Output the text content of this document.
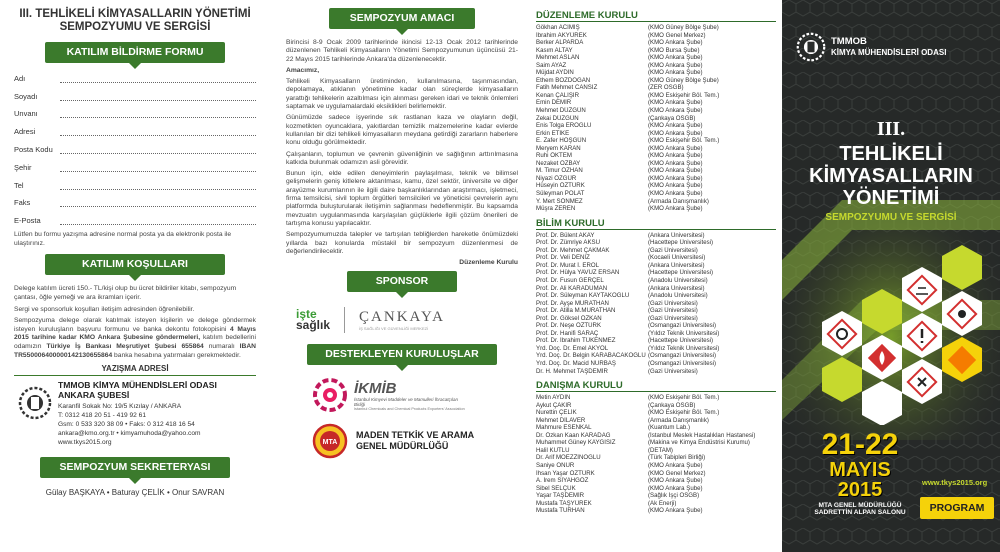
III. TEHLİKELİ KİMYASALLARIN YÖNETİMİ
SEMPOZYUMU VE SERGİSİ
KATILIM BİLDİRME FORMU
Adı
Soyadı
Unvanı
Adresi
Posta Kodu
Şehir
Tel
Faks
E-Posta
Lütfen bu formu yazışma adresine normal posta ya da elektronik posta ile ulaştırınız.
KATILIM KOŞULLARI
Delege katılım ücreti 150.- TL/kişi olup bu ücret bildiriler kitabı, sempozyum çantası, öğle yemeği ve ara ikramları içerir.
Sergi ve sponsorluk koşulları iletişim adresinden öğrenilebilir.
Sempozyuma delege olarak katılmak isteyen kişilerin ve delege göndermek isteyen kuruluşların başvuru formunu ve banka dekontu fotokopisini 4 Mayıs 2015 tarihine kadar KMO Ankara Şubesine göndermeleri, katılım bedellerini odamızın Türkiye İş Bankası Meşrutiyet Şubesi 655864 numaralı IBAN TR550006400000142130655864 banka hesabına yatırmaları gerekmektedir.
YAZIŞMA ADRESİ
TMMOB KİMYA MÜHENDİSLERİ ODASI
ANKARA ŞUBESİ
Karanfil Sokak No: 19/5 Kızılay / ANKARA
T: 0312 418 20 51 - 419 92 61
Gsm: 0 533 320 38 09 • Faks: 0 312 418 16 54
ankara@kmo.org.tr • kimyamuhoda@yahoo.com
www.tkys2015.org
SEMPOZYUM SEKRETERYASI
Gülay BAŞKAYA • Baturay ÇELİK • Onur SAVRAN
SEMPOZYUM AMACI

Birincisi 8-9 Ocak 2009 tarihlerinde ikincisi 12-13 Ocak 2012 tarihlerinde düzenlenen Tehlikeli Kimyasalların Yönetimi Sempozyumunun üçüncüsü 21-22 Mayıs 2015 tarihlerinde Ankara'da düzenlenecektir.

Amacımız,

Tehlikeli Kimyasalların üretiminden, kullanılmasına, taşınmasından, depolamaya, atıklanın yönetimine kadar olan süreçlerde kimyasalların yarattığı tehlikelerin azaltılması için alınması gereken idari ve teknik önlemleri saptamak ve uygulamalardaki eksiklikleri belirlemektir.

Günümüzde sadece işyerinde sık rastlanan kaza ve olayların değil, kozmetikten oyuncaklara, yakıtlardan temizlik malzemelerine kadar evlerde kullanılan bir dizi tehlikeli kimyasalların meydana getirdiği zararların haberlere konu olduğu görülmektedir.

Çalışanların, toplumun ve çevrenin güvenliğinin ve sağlığının arttırılmasına katkıda bulunmak odamızın asli görevidir.

Bunun için, elde edilen deneyimlerin paylaşılması, teknik ve bilimsel gelişmelerin geniş kitlelere aktarılması, kamu, özel sektör, üniversite ve diğer arayüzme kurumlarının ile ilgili daire başkanlıklarından araştırmacı, işletmeci, firma temsilcisi, sivil toplum örgütleri temsilcileri ve yöneticisi çevrelerin aynı platformda buluşturularak iletişimin sağlanması hedeflenmiştir. Bu kapsamda mevzuatın uygulanmasında karşılaşılan güçlüklerle ilgili çözüm önerileri de tartışma konusu yapılacaktır.

Sempozyumumuzda talepler ve tartışılan tebliğlerden hareketle önümüzdeki yıllarda bazı konularda müstakil bir sempozyum düzenlenmesi de değerlendirilecektir.

Düzenleme Kurulu

SPONSOR
işte
sağlık ÇANKAYA
İŞ SAĞLIĞI VE GÜVENLİĞİ MERKEZİ
DESTEKLEYEN KURULUŞLAR
İKMİB
İstanbul Kimyevi Maddeler ve Mamulleri İhracatçıları Birliği
Istanbul Chemicals and Chemical Products Exporters' Association
MTA
MADEN TETKİK VE ARAMA
GENEL MÜDÜRLÜĞÜ
DÜZENLEME KURULU
Gökhan ACIMIŞ	(KMO Güney Bölge Şube)
İbrahim AKYÜREK	(KMO Genel Merkez)
Berker ALPARDA	(KMO Ankara Şube)
Kasım ALTAY	(KMO Bursa Şube)
Mehmet ASLAN	(KMO Ankara Şube)
Saim AYAZ	(KMO Ankara Şube)
Müjdat AYDIN	(KMO Ankara Şube)
Ethem BOZDOĞAN	(KMO Güney Bölge Şube)
Fatih Mehmet CANSIZ	(ZER OSGB)
Kenan ÇALIŞIR	(KMO Eskişehir Böl. Tem.)
Emin DEMİR	(KMO Ankara Şube)
Mehmet DÜZGÜN	(KMO Ankara Şube)
Zekai DÜZGÜN	(Çankaya OSGB)
Enis Tolga EROĞLU	(KMO Ankara Şube)
Erkin ETİKE	(KMO Ankara Şube)
E. Zafer HOŞGÜN	(KMO Eskişehir Böl. Tem.)
Meryem KARAN	(KMO Ankara Şube)
Ruhi ÖKTEM	(KMO Ankara Şube)
Nezaket ÖZBAY	(KMO Ankara Şube)
M. Timur ÖZHAN	(KMO Ankara Şube)
Niyazi ÖZGÜR	(KMO Ankara Şube)
Hüseyin ÖZTÜRK	(KMO Ankara Şube)
Süleyman POLAT	(KMO Ankara Şube)
Y. Mert SÖNMEZ	(Armada Danışmanlık)
Müşra ZEREN	(KMO Ankara Şube)
BİLİM KURULU
Prof. Dr. Bülent AKAY	(Ankara Üniversitesi)
Prof. Dr. Zümriye AKSU	(Hacettepe Üniversitesi)
Prof. Dr. Mehmet ÇAKMAK	(Gazi Üniversitesi)
Prof. Dr. Veli DENİZ	(Kocaeli Üniversitesi)
Prof. Dr. Murat İ. EROL	(Ankara Üniversitesi)
Prof. Dr. Hülya YAVUZ ERSAN	(Hacettepe Üniversitesi)
Prof. Dr. Fusun GERÇEL	(Anadolu Üniversitesi)
Prof. Dr. Ali KARADUMAN	(Ankara Üniversitesi)
Prof. Dr. Süleyman KAYTAKOĞLU	(Anadolu Üniversitesi)
Prof. Dr. Ayşe MURATHAN	(Gazi Üniversitesi)
Prof. Dr. Atilla M.MURATHAN	(Gazi Üniversitesi)
Prof. Dr. Göksel ÖZKAN	(Gazi Üniversitesi)
Prof. Dr. Neşe ÖZTÜRK	(Osmangazi Üniversitesi)
Prof. Dr. Hanifi SARAÇ	(Yıldız Teknik Üniversitesi)
Prof. Dr. İbrahim TÜKENMEZ	(Hacettepe Üniversitesi)
Yrd. Doç. Dr. Emel AKYOL	(Yıldız Teknik Üniversitesi)
Yrd. Doç. Dr. Belgin KARABACAKOĞLU (Osmangazi Üniversitesi)
Yrd. Doç. Dr. Macid NURBAŞ	(Osmangazi Üniversitesi)
Dr. H. Mehmet TAŞDEMİR	(Gazi Üniversitesi)
DANIŞMA KURULU
Metin AYDIN	(KMO Eskişehir Böl. Tem.)
Aykut ÇAKIR	(Çankaya OSGB)
Nurettin ÇELİK	(KMO Eskişehir Böl. Tem.)
Mehmet DİLAVER	(Armada Danışmanlık)
Mahmure ESENKAL	(Kuantum Lab.)
Dr. Özkan Kaan KARADAĞ	(İstanbul Meslek Hastalıkları Hastanesi)
Muhammet Güney KAYGISIZ	(Makina ve Kimya Endüstrisi Kurumu)
Halil KUTLU	(DETAM)
Dr. Arif MOEZZİNOĞLU	(Türk Tabipleri Birliği)
Saniye ONUR	(KMO Ankara Şube)
İhsan Yaşar ÖZTÜRK	(KMO Genel Merkez)
A. İrem SİYAHGÖZ	(KMO Ankara Şube)
Sibel SELÇUK	(KMO Ankara Şube)
Yaşar TAŞDEMİR	(Sağlık İşçi OSGB)
Mustafa TAŞYÜREK	(Ak Enerji)
Mustafa TURHAN	(KMO Ankara Şube)
TMMOB
KİMYA MÜHENDİSLERİ ODASI
III.
TEHLİKELİ
KİMYASALLARIN
YÖNETİMİ
SEMPOZYUMU VE SERGİSİ
21-22
MAYIS
2015
MTA GENEL MÜDÜRLÜĞÜ
SADRETTİN ALPAN SALONU
www.tkys2015.org
PROGRAM
